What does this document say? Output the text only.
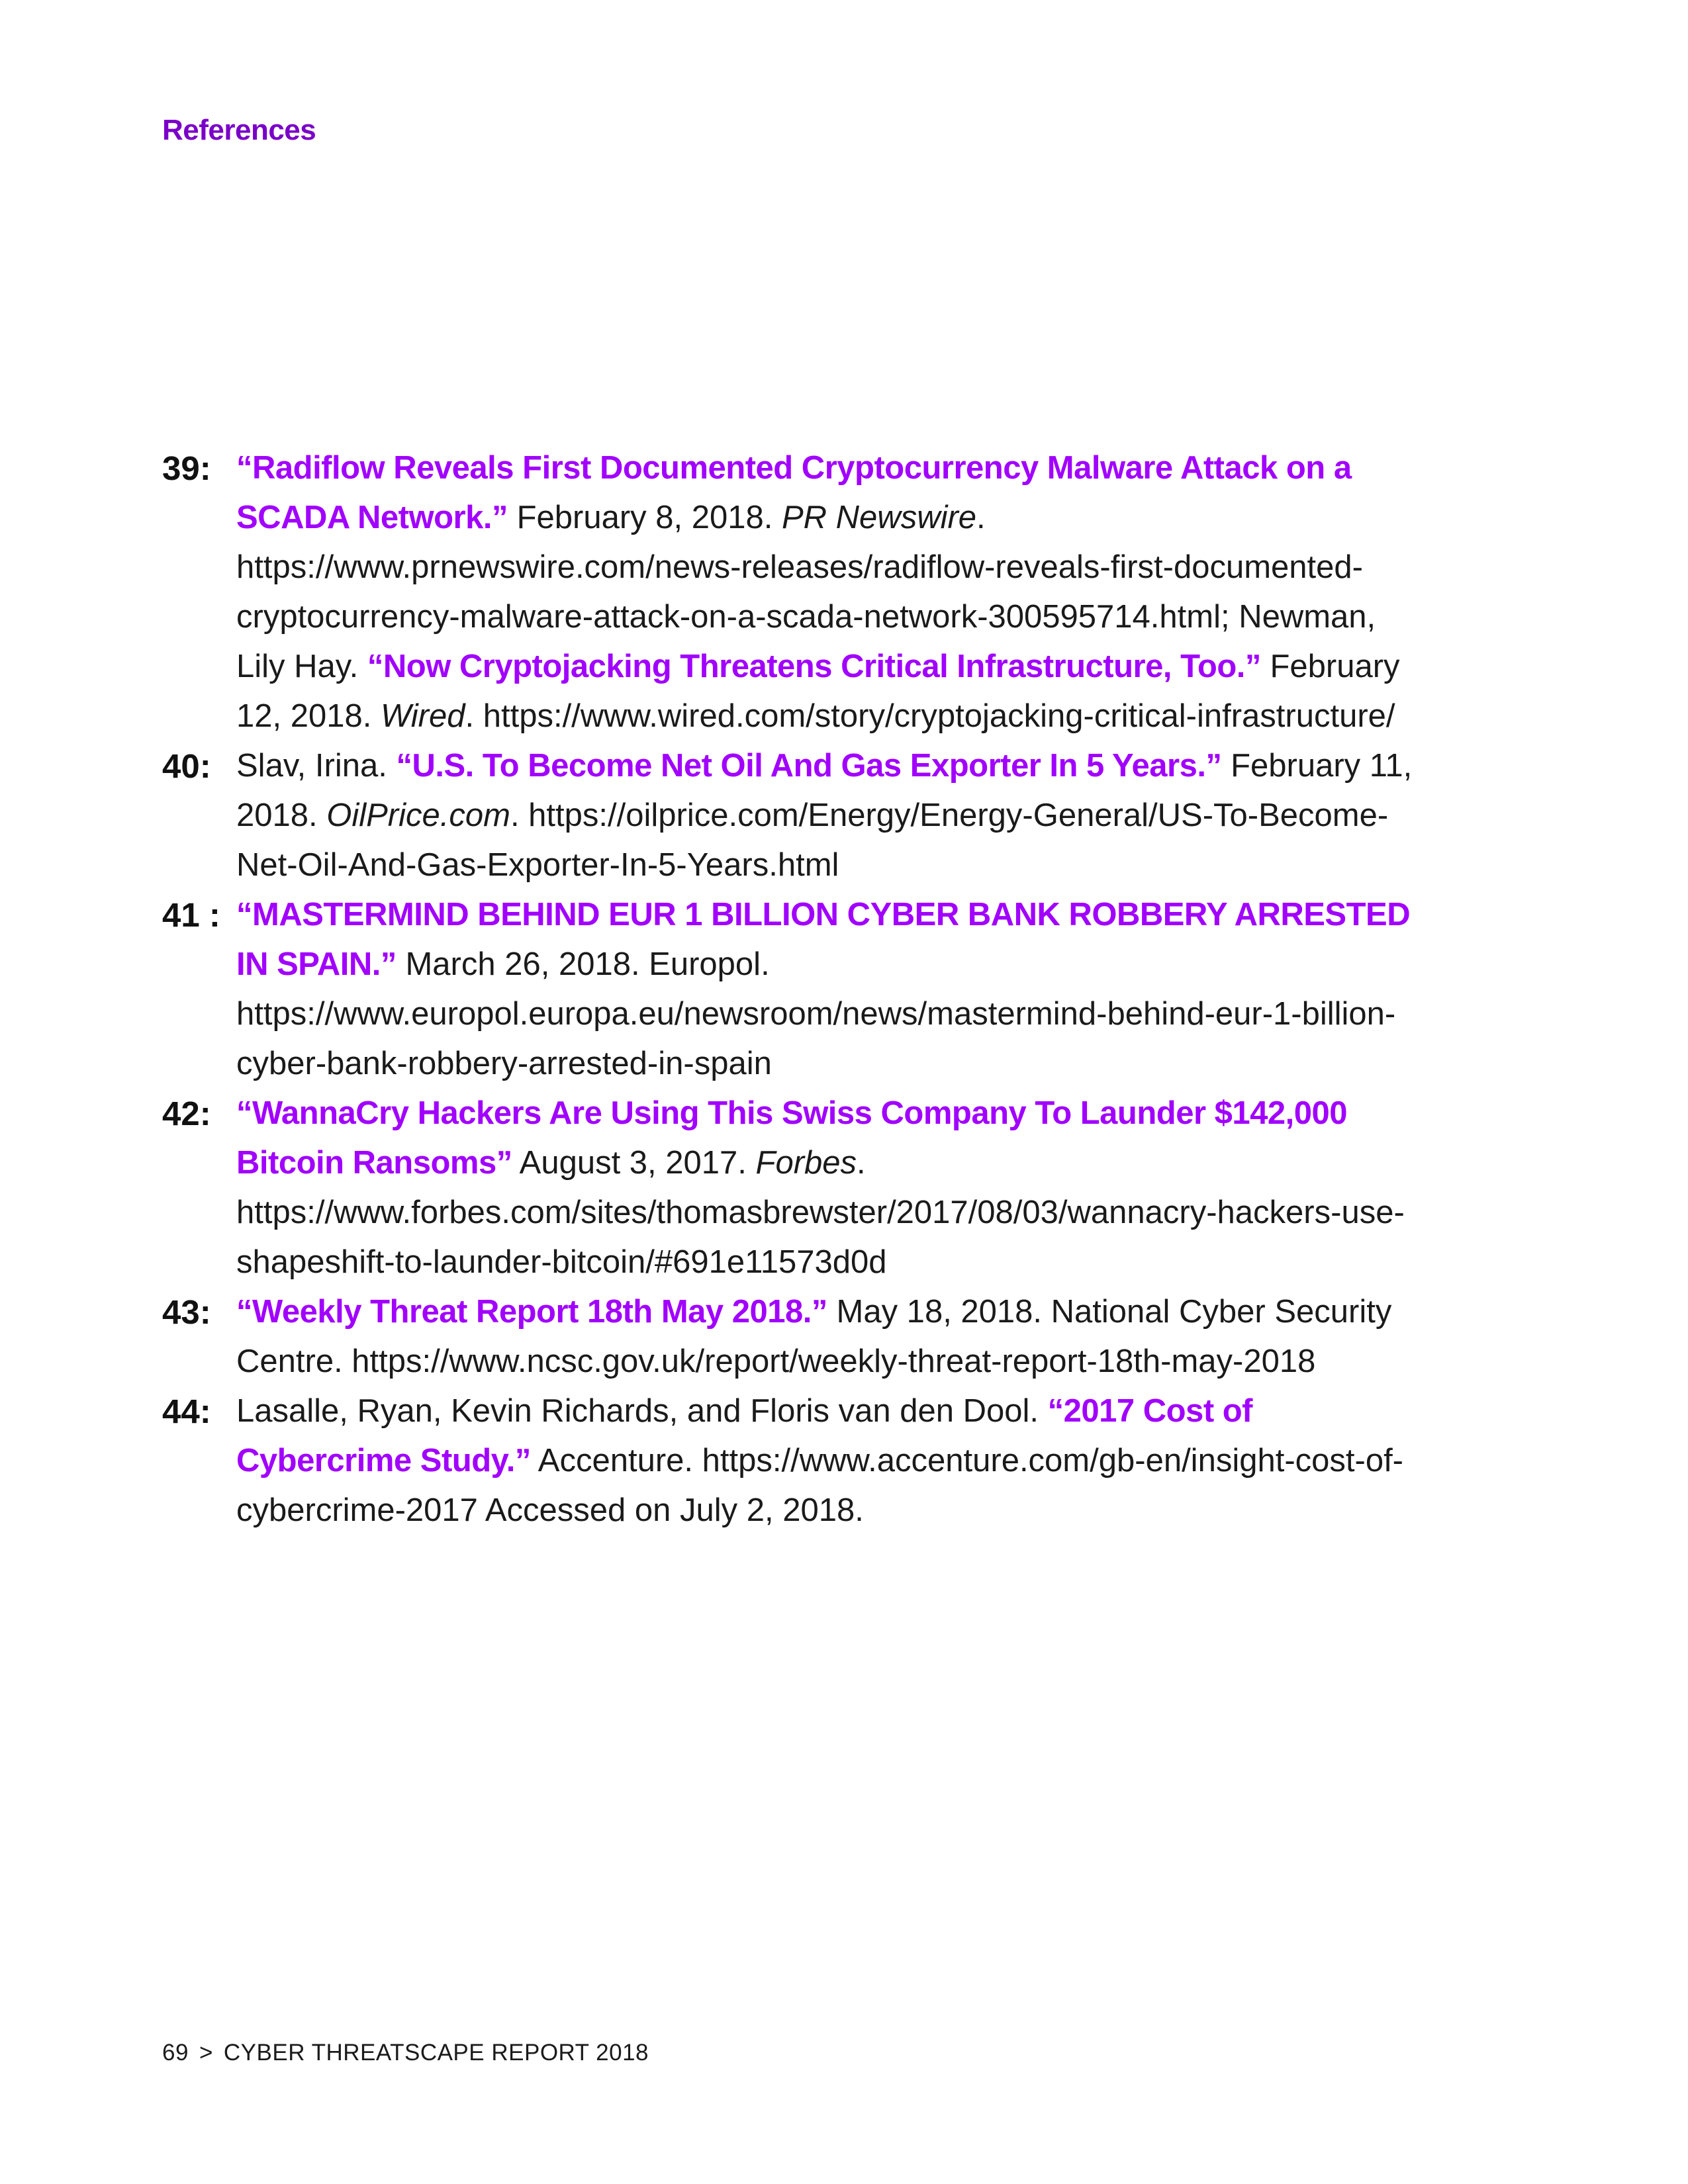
References
39: “Radiflow Reveals First Documented Cryptocurrency Malware Attack on a SCADA Network.” February 8, 2018. PR Newswire. https://www.prnewswire.com/news-releases/radiflow-reveals-first-documented-cryptocurrency-malware-attack-on-a-scada-network-300595714.html; Newman, Lily Hay. “Now Cryptojacking Threatens Critical Infrastructure, Too.” February 12, 2018. Wired. https://www.wired.com/story/cryptojacking-critical-infrastructure/
40: Slav, Irina. “U.S. To Become Net Oil And Gas Exporter In 5 Years.” February 11, 2018. OilPrice.com. https://oilprice.com/Energy/Energy-General/US-To-Become-Net-Oil-And-Gas-Exporter-In-5-Years.html
41 : “MASTERMIND BEHIND EUR 1 BILLION CYBER BANK ROBBERY ARRESTED IN SPAIN.” March 26, 2018. Europol. https://www.europol.europa.eu/newsroom/news/mastermind-behind-eur-1-billion-cyber-bank-robbery-arrested-in-spain
42: “WannaCry Hackers Are Using This Swiss Company To Launder $142,000 Bitcoin Ransoms” August 3, 2017. Forbes. https://www.forbes.com/sites/thomasbrewster/2017/08/03/wannacry-hackers-use-shapeshift-to-launder-bitcoin/#691e11573d0d
43: “Weekly Threat Report 18th May 2018.” May 18, 2018. National Cyber Security Centre. https://www.ncsc.gov.uk/report/weekly-threat-report-18th-may-2018
44: Lasalle, Ryan, Kevin Richards, and Floris van den Dool. “2017 Cost of Cybercrime Study.” Accenture. https://www.accenture.com/gb-en/insight-cost-of-cybercrime-2017 Accessed on July 2, 2018.
69 > CYBER THREATSCAPE REPORT 2018
